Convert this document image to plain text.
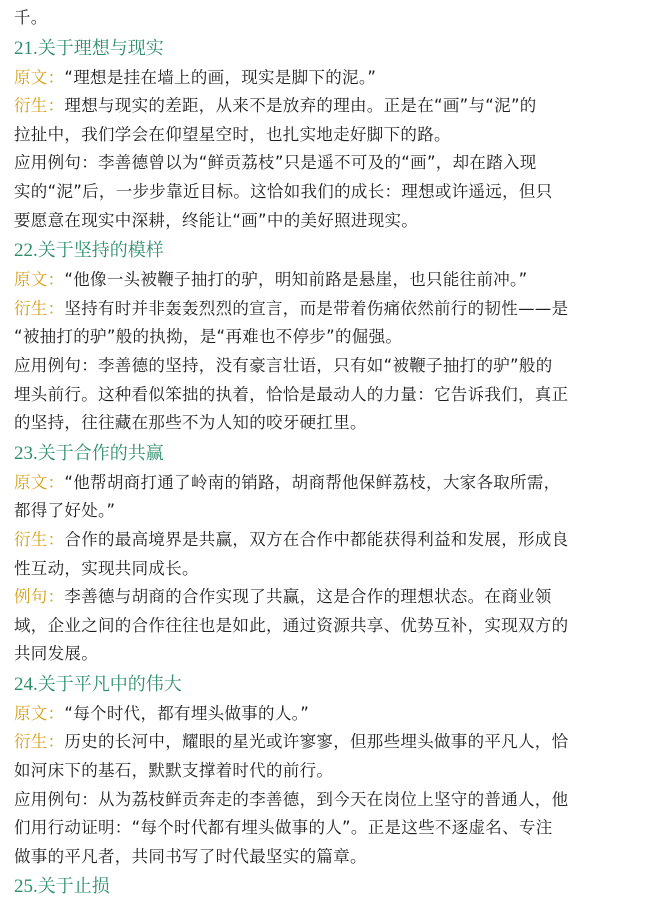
千。

21.关于理想与现实

原文：“理想是挂在墙上的画，现实是脚下的泥。”

衍生：理想与现实的差距，从来不是放弃的理由。正是在“画”与“泥”的

拉扯中，我们学会在仰望星空时，也扎实地走好脚下的路。

应用例句：李善德曾以为“鲜贡荔枝”只是遥不可及的“画”，却在踏入现

实的“泥”后，一步步靠近目标。这恰如我们的成长：理想或许遥远，但只

要愿意在现实中深耕，终能让“画”中的美好照进现实。

22.关于坚持的模样

原文：“他像一头被鞭子抽打的驴，明知前路是悬崖，也只能往前冲。”

衍生：坚持有时并非轰轰烈烈的宣言，而是带着伤痛依然前行的韧性——是

“被抽打的驴”般的执拗，是“再难也不停步”的倔强。

应用例句：李善德的坚持，没有豪言壮语，只有如“被鞭子抽打的驴”般的

埋头前行。这种看似笨拙的执着，恰恰是最动人的力量：它告诉我们，真正

的坚持，往往藏在那些不为人知的咬牙硬扛里。

23.关于合作的共赢

原文：“他帮胡商打通了岭南的销路，胡商帮他保鲜荔枝，大家各取所需，

都得了好处。”

衍生：合作的最高境界是共赢，双方在合作中都能获得利益和发展，形成良

性互动，实现共同成长。

例句：李善德与胡商的合作实现了共赢，这是合作的理想状态。在商业领

域，企业之间的合作往往也是如此，通过资源共享、优势互补，实现双方的

共同发展。

24.关于平凡中的伟大

原文：“每个时代，都有埋头做事的人。”

衍生：历史的长河中，耀眼的星光或许寥寥，但那些埋头做事的平凡人，恰

如河床下的基石，默默支撑着时代的前行。

应用例句：从为荔枝鲜贡奔走的李善德，到今天在岗位上坚守的普通人，他

们用行动证明：“每个时代都有埋头做事的人”。正是这些不逐虚名、专注

做事的平凡者，共同书写了时代最坚实的篇章。

25.关于止损
